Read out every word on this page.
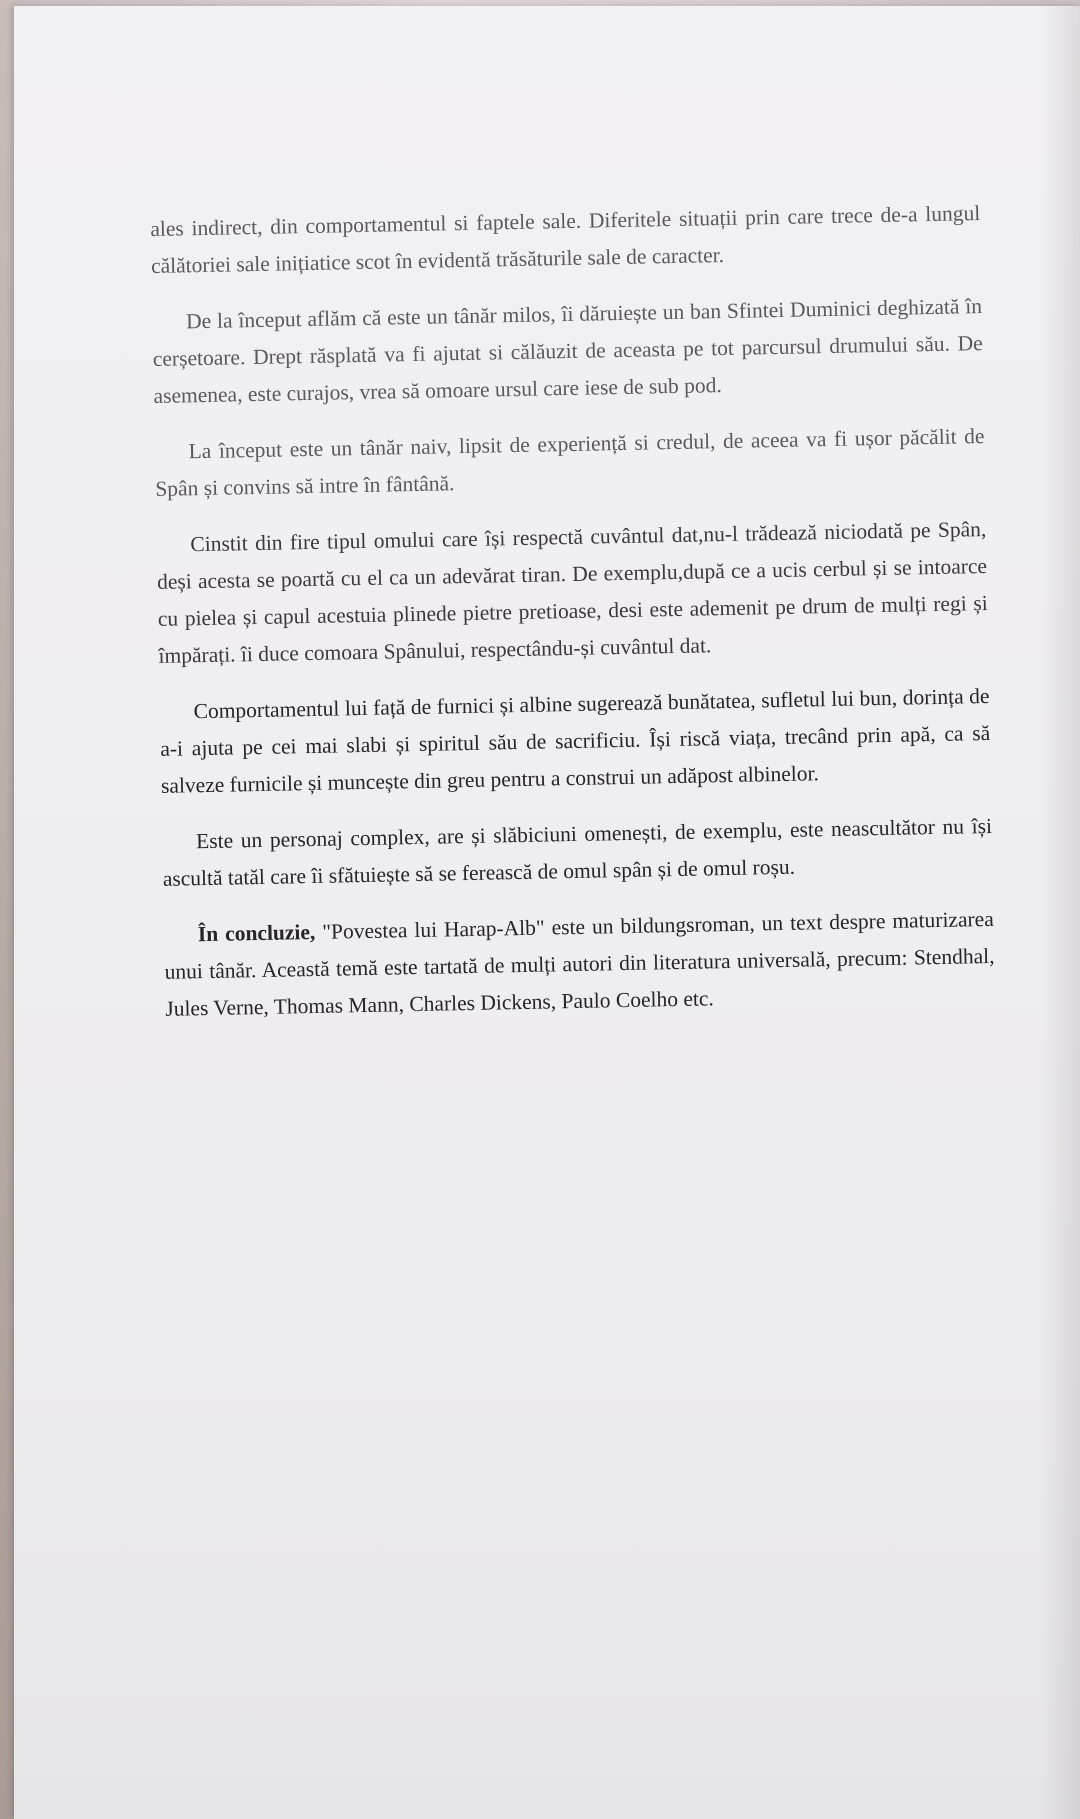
ales indirect, din comportamentul si faptele sale. Diferitele situații prin care trece de-a lungul călătoriei sale inițiatice scot în evidentă trăsăturile sale de caracter.

De la început aflăm că este un tânăr milos, îi dăruiește un ban Sfintei Duminici deghizată în cerșetoare. Drept răsplată va fi ajutat si călăuzit de aceasta pe tot parcursul drumului său. De asemenea, este curajos, vrea să omoare ursul care iese de sub pod.

La început este un tânăr naiv, lipsit de experiență si credul, de aceea va fi ușor păcălit de Spân și convins să intre în fântână.

Cinstit din fire tipul omului care își respectă cuvântul dat,nu-l trădează niciodată pe Spân, deși acesta se poartă cu el ca un adevărat tiran. De exemplu,după ce a ucis cerbul și se intoarce cu pielea și capul acestuia plinede pietre pretioase, desi este ademenit pe drum de mulți regi și împărați. îi duce comoara Spânului, respectându-și cuvântul dat.

Comportamentul lui față de furnici și albine sugerează bunătatea, sufletul lui bun, dorința de a-i ajuta pe cei mai slabi și spiritul său de sacrificiu. Își riscă viața, trecând prin apă, ca să salveze furnicile și muncește din greu pentru a construi un adăpost albinelor.

Este un personaj complex, are și slăbiciuni omenești, de exemplu, este neascultător nu își ascultă tatăl care îi sfătuiește să se ferească de omul spân și de omul roșu.

În concluzie, "Povestea lui Harap-Alb" este un bildungsroman, un text despre maturizarea unui tânăr. Această temă este tartată de mulți autori din literatura universală, precum: Stendhal, Jules Verne, Thomas Mann, Charles Dickens, Paulo Coelho etc.
